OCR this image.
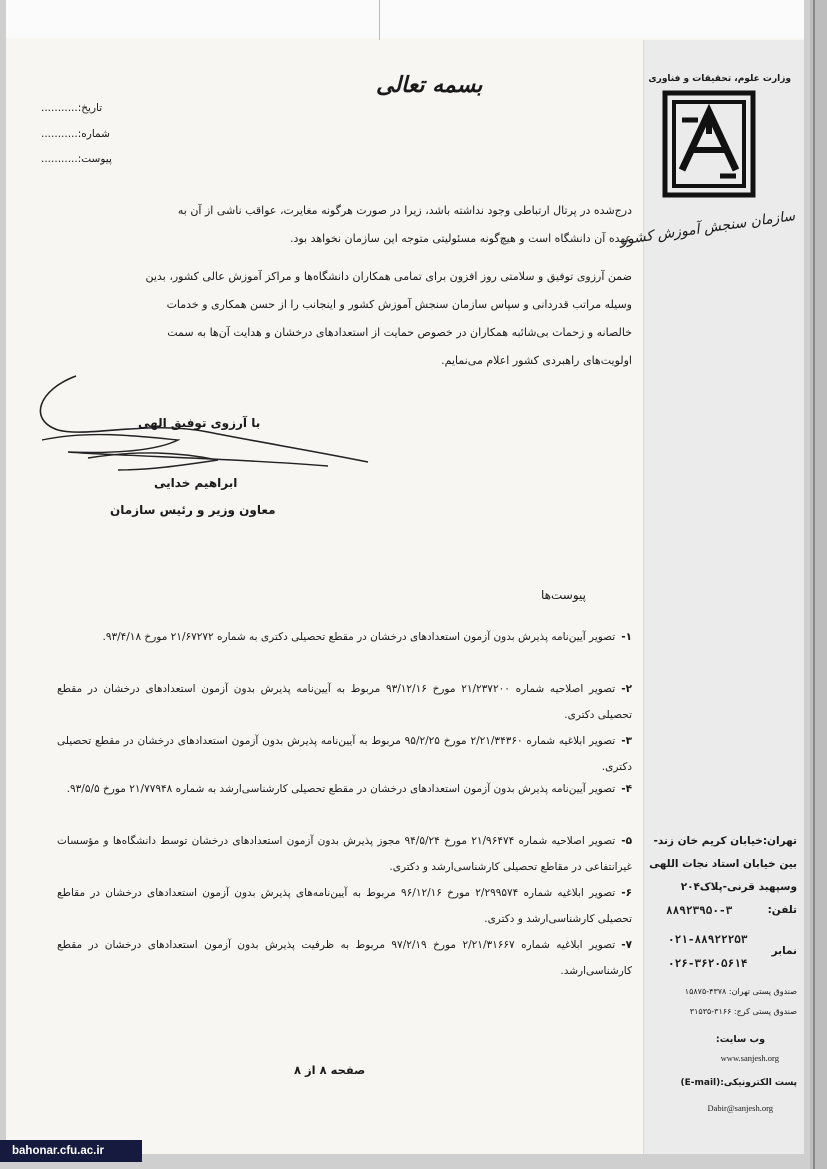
وزارت علوم، تحقیقات و فناوری
سازمان سنجش آموزش کشور
تهران:خیابان کریم خان زند-
بین خیابان استاد نجات اللهی
وسپهبد قرنی-پلاک۲۰۴
تلفن:
۸۸۹۲۳۹۵۰-۳
۰۲۱-۸۸۹۲۲۲۵۳
نمابر
۰۲۶-۳۶۲۰۵۶۱۴
صندوق پستی تهران: ۴۳۷۸-۱۵۸۷۵
صندوق پستی کرج: ۳۱۶۶-۳۱۵۳۵
وب سایت:
www.sanjesh.org
پست الکترونیکی:(E-mail)
Dabir@sanjesh.org
بسمه تعالی
تاریخ:...........
شماره:...........
پیوست:...........
درج‌شده در پرتال ارتباطی وجود نداشته باشد، زیرا در صورت هرگونه مغایرت، عواقب ناشی از آن به
عهده آن دانشگاه است و هیچ‌گونه مسئولیتی متوجه این سازمان نخواهد بود.
ضمن آرزوی توفیق و سلامتی روز افزون برای تمامی همکاران دانشگاه‌ها و مراکز آموزش عالی کشور، بدین
وسیله مراتب قدردانی و سپاس سازمان سنجش آموزش کشور و اینجانب را از حسن همکاری و خدمات
خالصانه و زحمات بی‌شائبه همکاران در خصوص حمایت از استعدادهای درخشان و هدایت آن‌ها به سمت
اولویت‌های راهبردی کشور اعلام می‌نمایم.
با آرزوی توفیق الهی
ابراهیم خدایی
معاون وزیر و رئیس سازمان
پیوست‌ها
۱-تصویر آیین‌نامه پذیرش بدون آزمون استعدادهای درخشان در مقطع تحصیلی دکتری به شماره ۲۱/۶۷۲۷۲ مورخ ۹۳/۴/۱۸.
۲-تصویر اصلاحیه شماره ۲۱/۲۳۷۲۰۰ مورخ ۹۳/۱۲/۱۶ مربوط به آیین‌نامه پذیرش بدون آزمون استعدادهای درخشان در مقطع تحصیلی دکتری.
۳-تصویر ابلاغیه شماره ۲/۲۱/۳۴۳۶۰ مورخ ۹۵/۲/۲۵ مربوط به آیین‌نامه پذیرش بدون آزمون استعدادهای درخشان در مقطع تحصیلی دکتری.
۴-تصویر آیین‌نامه پذیرش بدون آزمون استعدادهای درخشان در مقطع تحصیلی کارشناسی‌ارشد به شماره ۲۱/۷۷۹۴۸ مورخ ۹۳/۵/۵.
۵-تصویر اصلاحیه شماره ۲۱/۹۶۴۷۴ مورخ ۹۴/۵/۲۴ مجوز پذیرش بدون آزمون استعدادهای درخشان توسط دانشگاه‌ها و مؤسسات غیرانتفاعی در مقاطع تحصیلی کارشناسی‌ارشد و دکتری.
۶-تصویر ابلاغیه شماره ۲/۲۹۹۵۷۴ مورخ ۹۶/۱۲/۱۶ مربوط به آیین‌نامه‌های پذیرش بدون آزمون استعدادهای درخشان در مقاطع تحصیلی کارشناسی‌ارشد و دکتری.
۷-تصویر ابلاغیه شماره ۲/۲۱/۳۱۶۶۷ مورخ ۹۷/۲/۱۹ مربوط به ظرفیت پذیرش بدون آزمون استعدادهای درخشان در مقطع کارشناسی‌ارشد.
صفحه ۸ از ۸
bahonar.cfu.ac.ir
